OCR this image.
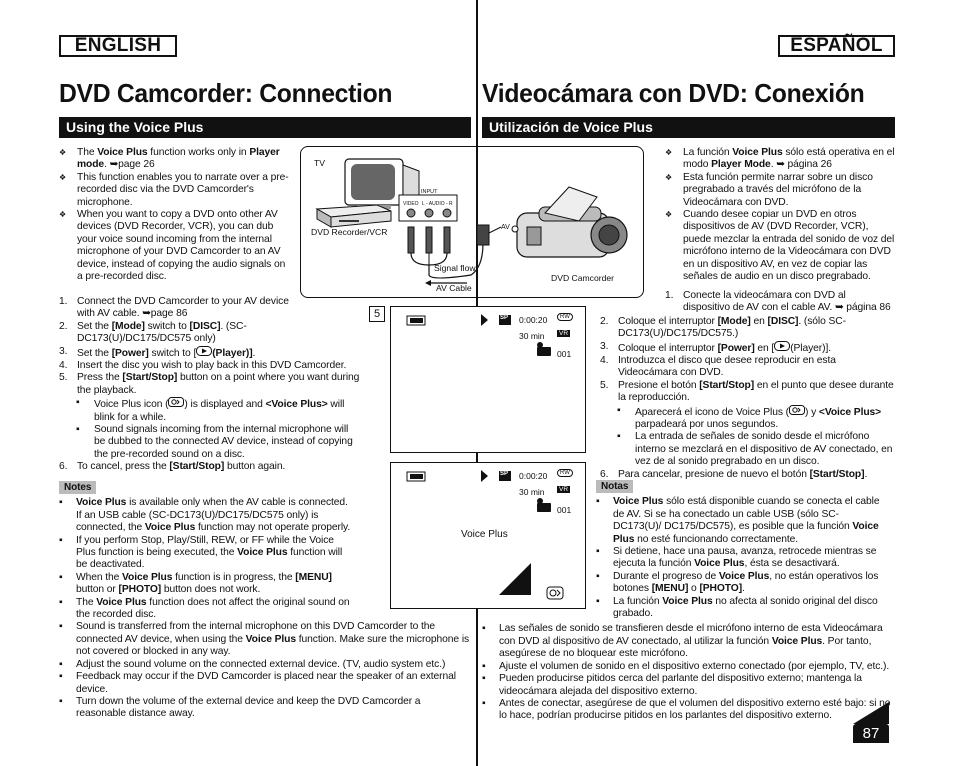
ENGLISH	ESPAÑOL
DVD Camcorder: Connection	Videocámara con DVD: Conexión
Using the Voice Plus	Utilización de Voice Plus
❖ The Voice Plus function works only in Player mode. ➥page 26
❖ This function enables you to narrate over a pre-recorded disc via the DVD Camcorder's microphone.
❖ When you want to copy a DVD onto other AV devices (DVD Recorder, VCR), you can dub your voice sound incoming from the internal microphone of your DVD Camcorder to an AV device, instead of copying the audio signals on a pre-recorded disc.
1. Connect the DVD Camcorder to your AV device with AV cable. ➥page 86
2. Set the [Mode] switch to [DISC]. (SC-DC173(U)/DC175/DC575 only)
3. Set the [Power] switch to [ (Player)].
4. Insert the disc you wish to play back in this DVD Camcorder.
5. Press the [Start/Stop] button on a point where you want during the playback.
▪ Voice Plus icon ( ) is displayed and <Voice Plus> will blink for a while.
▪ Sound signals incoming from the internal microphone will be dubbed to the connected AV device, instead of copying the pre-recorded sound on a disc.
6. To cancel, press the [Start/Stop] button again.
Notes
▪ Voice Plus is available only when the AV cable is connected. If an USB cable (SC-DC173(U)/DC175/DC575 only) is connected, the Voice Plus function may not operate properly.
▪ If you perform Stop, Play/Still, REW, or FF while the Voice Plus function is being executed, the Voice Plus function will be deactivated.
▪ When the Voice Plus function is in progress, the [MENU] button or [PHOTO] button does not work.
▪ The Voice Plus function does not affect the original sound on the recorded disc.
▪ Sound is transferred from the internal microphone on this DVD Camcorder to the connected AV device, when using the Voice Plus function. Make sure the microphone is not covered or blocked in any way.
▪ Adjust the sound volume on the connected external device. (TV, audio system etc.)
▪ Feedback may occur if the DVD Camcorder is placed near the speaker of an external device.
▪ Turn down the volume of the external device and keep the DVD Camcorder a reasonable distance away.
TV
DVD Recorder/VCR
INPUT
VIDEO L - AUDIO - R
AV
Signal flow
AV Cable
DVD Camcorder
5	SP 0:00:20	RW
30 min	VR
001
SP 0:00:20	RW
30 min	VR
001
Voice Plus
❖ La función Voice Plus sólo está operativa en el modo Player Mode. ➥ página 26
❖ Esta función permite narrar sobre un disco pregrabado a través del micrófono de la Videocámara con DVD.
❖ Cuando desee copiar un DVD en otros dispositivos de AV (DVD Recorder, VCR), puede mezclar la entrada del sonido de voz del micrófono interno de la Videocámara con DVD en un dispositivo AV, en vez de copiar las señales de audio en un disco pregrabado.
1. Conecte la videocámara con DVD al dispositivo de AV con el cable AV. ➥ página 86
2. Coloque el interruptor [Mode] en [DISC]. (sólo SC-DC173(U)/DC175/DC575.)
3. Coloque el interruptor [Power] en [ (Player)].
4. Introduzca el disco que desee reproducir en esta Videocámara con DVD.
5. Presione el botón [Start/Stop] en el punto que desee durante la reproducción.
▪ Aparecerá el icono de Voice Plus ( ) y <Voice Plus> parpadeará por unos segundos.
▪ La entrada de señales de sonido desde el micrófono interno se mezclará en el dispositivo de AV conectado, en vez de al sonido pregrabado en un disco.
6. Para cancelar, presione de nuevo el botón [Start/Stop].
Notas
▪ Voice Plus sólo está disponible cuando se conecta el cable de AV. Si se ha conectado un cable USB (sólo SC-DC173(U)/ DC175/DC575), es posible que la función Voice Plus no esté funcionando correctamente.
▪ Si detiene, hace una pausa, avanza, retrocede mientras se ejecuta la función Voice Plus, ésta se desactivará.
▪ Durante el progreso de Voice Plus, no están operativos los botones [MENU] o [PHOTO].
▪ La función Voice Plus no afecta al sonido original del disco grabado.
▪ Las señales de sonido se transfieren desde el micrófono interno de esta Videocámara con DVD al dispositivo de AV conectado, al utilizar la función Voice Plus. Por tanto, asegúrese de no bloquear este micrófono.
▪ Ajuste el volumen de sonido en el dispositivo externo conectado (por ejemplo, TV, etc.).
▪ Pueden producirse pitidos cerca del parlante del dispositivo externo; mantenga la videocámara alejada del dispositivo externo.
▪ Antes de conectar, asegúrese de que el volumen del dispositivo externo esté bajo: si no lo hace, podrían producirse pitidos en los parlantes del dispositivo externo.
87
